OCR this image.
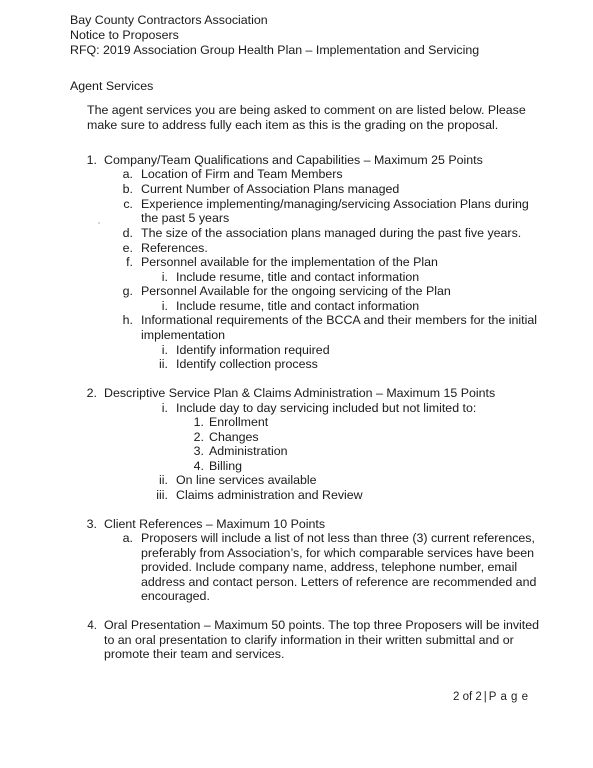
Bay County Contractors Association
Notice to Proposers
RFQ: 2019 Association Group Health Plan – Implementation and Servicing
Agent Services
The agent services you are being asked to comment on are listed below. Please
make sure to address fully each item as this is the grading on the proposal.
1. Company/Team Qualifications and Capabilities – Maximum 25 Points
a. Location of Firm and Team Members
b. Current Number of Association Plans managed
c. Experience implementing/managing/servicing Association Plans during
the past 5 years
d. The size of the association plans managed during the past five years.
e. References.
f. Personnel available for the implementation of the Plan
i. Include resume, title and contact information
g. Personnel Available for the ongoing servicing of the Plan
i. Include resume, title and contact information
h. Informational requirements of the BCCA and their members for the initial
implementation
i. Identify information required
ii. Identify collection process
2. Descriptive Service Plan & Claims Administration – Maximum 15 Points
i. Include day to day servicing included but not limited to:
1. Enrollment
2. Changes
3. Administration
4. Billing
ii. On line services available
iii. Claims administration and Review
3. Client References – Maximum 10 Points
a. Proposers will include a list of not less than three (3) current references,
preferably from Association’s, for which comparable services have been
provided. Include company name, address, telephone number, email
address and contact person. Letters of reference are recommended and
encouraged.
4. Oral Presentation – Maximum 50 points. The top three Proposers will be invited
to an oral presentation to clarify information in their written submittal and or
promote their team and services.
2 of 2 | P a g e
